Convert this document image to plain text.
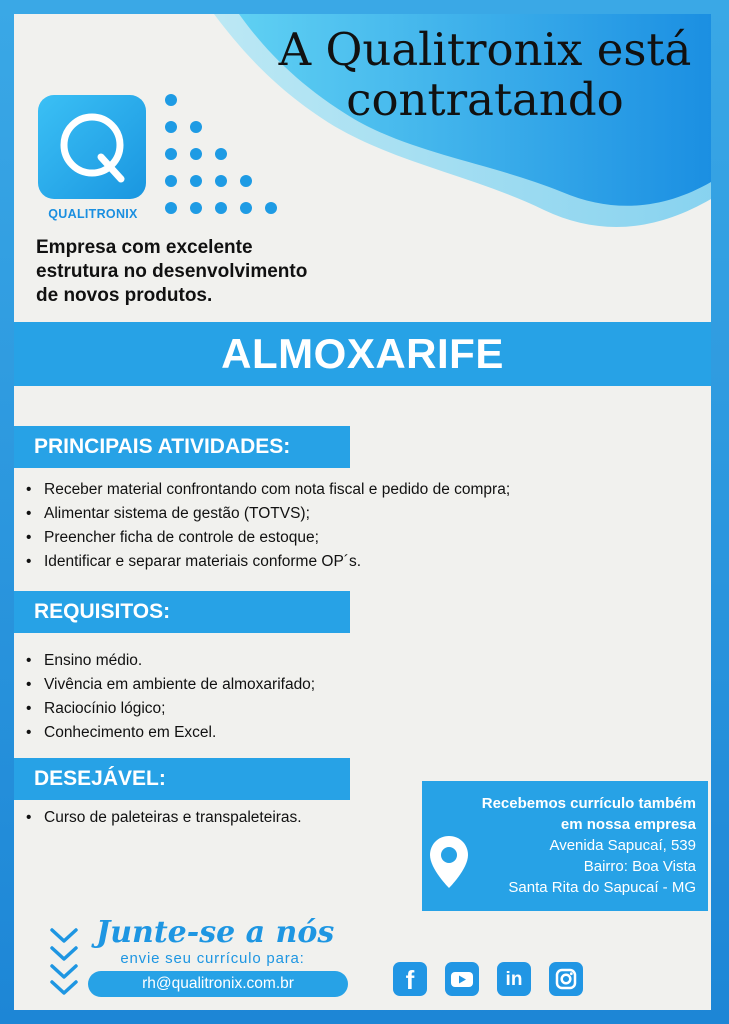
A Qualitronix está
contratando
QUALITRONIX
Empresa com excelente
estrutura no desenvolvimento
de novos produtos.
ALMOXARIFE
PRINCIPAIS ATIVIDADES:
• Receber material confrontando com nota fiscal e pedido de compra;
• Alimentar sistema de gestão (TOTVS);
• Preencher ficha de controle de estoque;
• Identificar e separar materiais conforme OP´s.
REQUISITOS:
• Ensino médio.
• Vivência em ambiente de almoxarifado;
• Raciocínio lógico;
• Conhecimento em Excel.
DESEJÁVEL:
• Curso de paleteiras e transpaleteiras.
Recebemos currículo também
em nossa empresa
Avenida Sapucaí, 539
Bairro: Boa Vista
Santa Rita do Sapucaí - MG
Junte-se a nós
envie seu currículo para:
rh@qualitronix.com.br	f	in
